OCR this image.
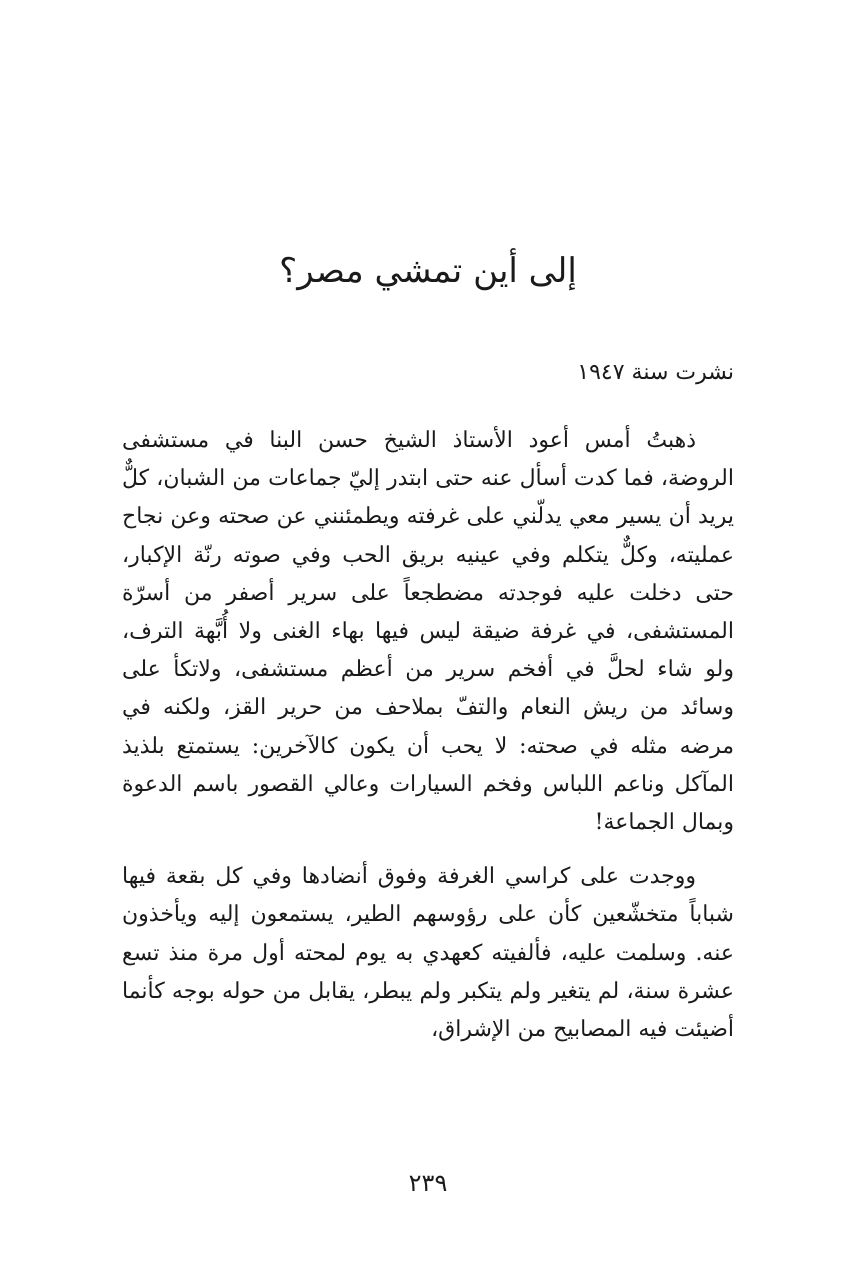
إلى أين تمشي مصر؟

نشرت سنة ١٩٤٧

ذهبتُ أمس أعود الأستاذ الشيخ حسن البنا في مستشفى الروضة، فما كدت أسأل عنه حتى ابتدر إليّ جماعات من الشبان، كلٌّ يريد أن يسير معي يدلّني على غرفته ويطمئنني عن صحته وعن نجاح عمليته، وكلٌّ يتكلم وفي عينيه بريق الحب وفي صوته رنّة الإكبار، حتى دخلت عليه فوجدته مضطجعاً على سرير أصفر من أسرّة المستشفى، في غرفة ضيقة ليس فيها بهاء الغنى ولا أُبَّهة الترف، ولو شاء لحلَّ في أفخم سرير من أعظم مستشفى، ولاتكأ على وسائد من ريش النعام والتفّ بملاحف من حرير القز، ولكنه في مرضه مثله في صحته: لا يحب أن يكون كالآخرين: يستمتع بلذيذ المآكل وناعم اللباس وفخم السيارات وعالي القصور باسم الدعوة وبمال الجماعة!

ووجدت على كراسي الغرفة وفوق أنضادها وفي كل بقعة فيها شباباً متخشّعين كأن على رؤوسهم الطير، يستمعون إليه ويأخذون عنه. وسلمت عليه، فألفيته كعهدي به يوم لمحته أول مرة منذ تسع عشرة سنة، لم يتغير ولم يتكبر ولم يبطر، يقابل من حوله بوجه كأنما أضيئت فيه المصابيح من الإشراق،

٢٣٩
